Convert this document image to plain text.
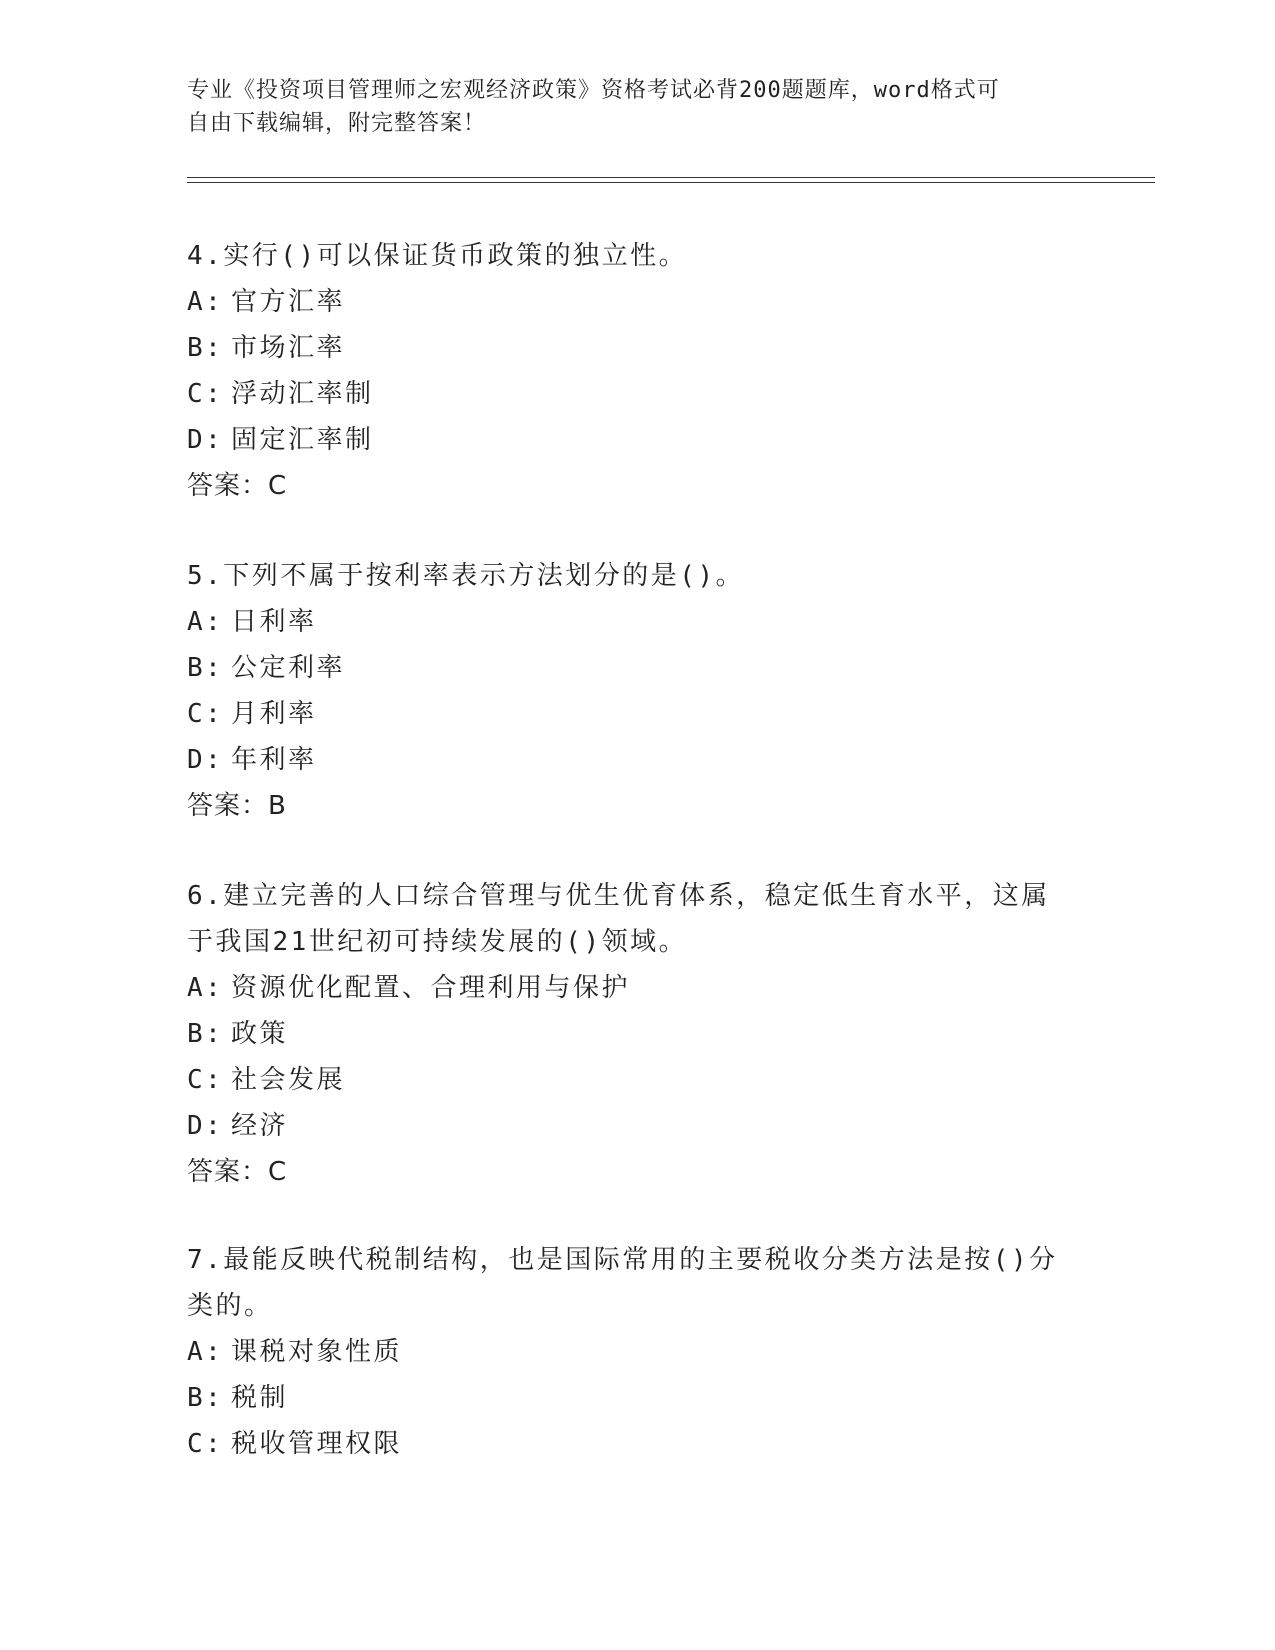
专业《投资项目管理师之宏观经济政策》资格考试必背200题题库，word格式可
自由下载编辑，附完整答案！

4.实行()可以保证货币政策的独立性。

A: 官方汇率

B: 市场汇率

C: 浮动汇率制

D: 固定汇率制

答案：C

5.下列不属于按利率表示方法划分的是()。

A: 日利率

B: 公定利率

C: 月利率

D: 年利率

答案：B

6.建立完善的人口综合管理与优生优育体系，稳定低生育水平，这属于我国21世纪初可持续发展的()领域。

A: 资源优化配置、合理利用与保护

B: 政策

C: 社会发展

D: 经济

答案：C

7.最能反映代税制结构，也是国际常用的主要税收分类方法是按()分类的。

A: 课税对象性质

B: 税制

C: 税收管理权限
